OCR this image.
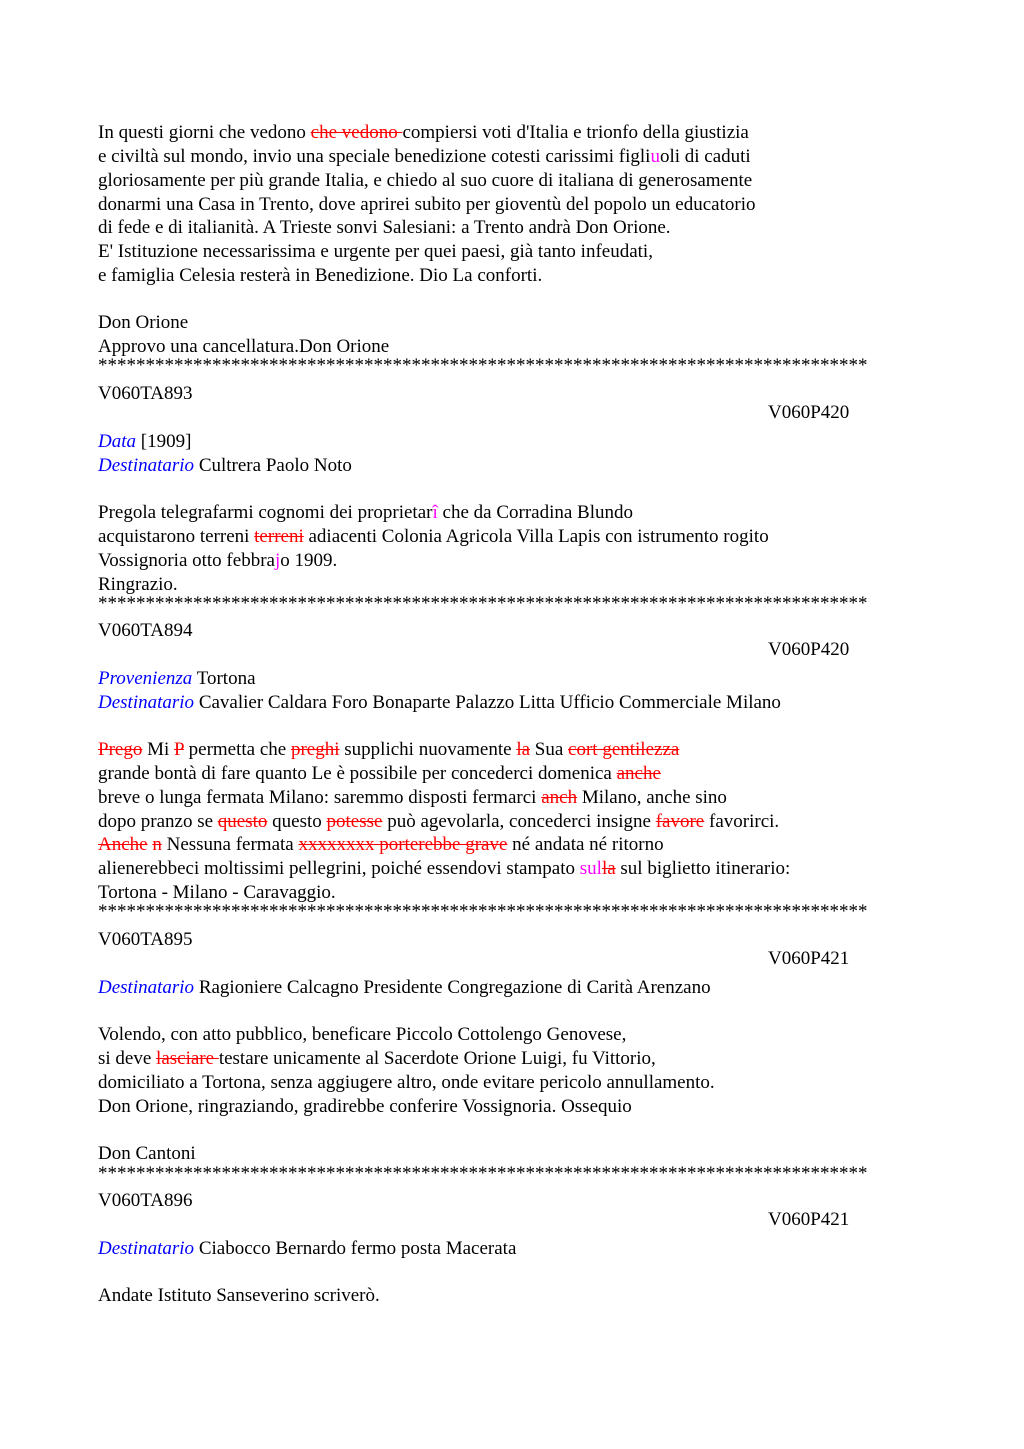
In questi giorni che vedono che vedono compiersi voti d'Italia e trionfo della giustizia

e civiltà sul mondo, invio una speciale benedizione cotesti carissimi figliuoli di caduti

gloriosamente per più grande Italia, e chiedo al suo cuore di italiana di generosamente

donarmi una Casa in Trento, dove aprirei subito per gioventù del popolo un educatorio

di fede e di italianità. A Trieste sonvi Salesiani: a Trento andrà Don Orione.

E' Istituzione necessarissima e urgente per quei paesi, già tanto infeudati,

e famiglia Celesia resterà in Benedizione. Dio La conforti.

Don Orione

Approvo una cancellatura.Don Orione

*********************************************************************************

V060TA893

V060P420

Data [1909]

Destinatario Cultrera Paolo Noto

Pregola telegrafarmi cognomi dei proprietarî che da Corradina Blundo

acquistarono terreni terreni adiacenti Colonia Agricola Villa Lapis con istrumento rogito

Vossignoria otto febbrajo 1909.

Ringrazio.

*********************************************************************************

V060TA894

V060P420

Provenienza Tortona

Destinatario Cavalier Caldara Foro Bonaparte Palazzo Litta Ufficio Commerciale Milano

Prego Mi P permetta che preghi supplichi nuovamente la Sua cort gentilezza

grande bontà di fare quanto Le è possibile per concederci domenica anche

breve o lunga fermata Milano: saremmo disposti fermarci anch Milano, anche sino

dopo pranzo se questo questo potesse può agevolarla, concederci insigne favore favorirci.

Anche n Nessuna fermata xxxxxxxx porterebbe grave né andata né ritorno

alienerebbeci moltissimi pellegrini, poiché essendovi stampato sulla sul biglietto itinerario:

Tortona - Milano - Caravaggio.

*********************************************************************************

V060TA895

V060P421

Destinatario Ragioniere Calcagno Presidente Congregazione di Carità Arenzano

Volendo, con atto pubblico, beneficare Piccolo Cottolengo Genovese,

si deve lasciare testare unicamente al Sacerdote Orione Luigi, fu Vittorio,

domiciliato a Tortona, senza aggiugere altro, onde evitare pericolo annullamento.

Don Orione, ringraziando, gradirebbe conferire Vossignoria. Ossequio

Don Cantoni

*********************************************************************************

V060TA896

V060P421

Destinatario Ciabocco Bernardo fermo posta Macerata

Andate Istituto Sanseverino scriverò.
